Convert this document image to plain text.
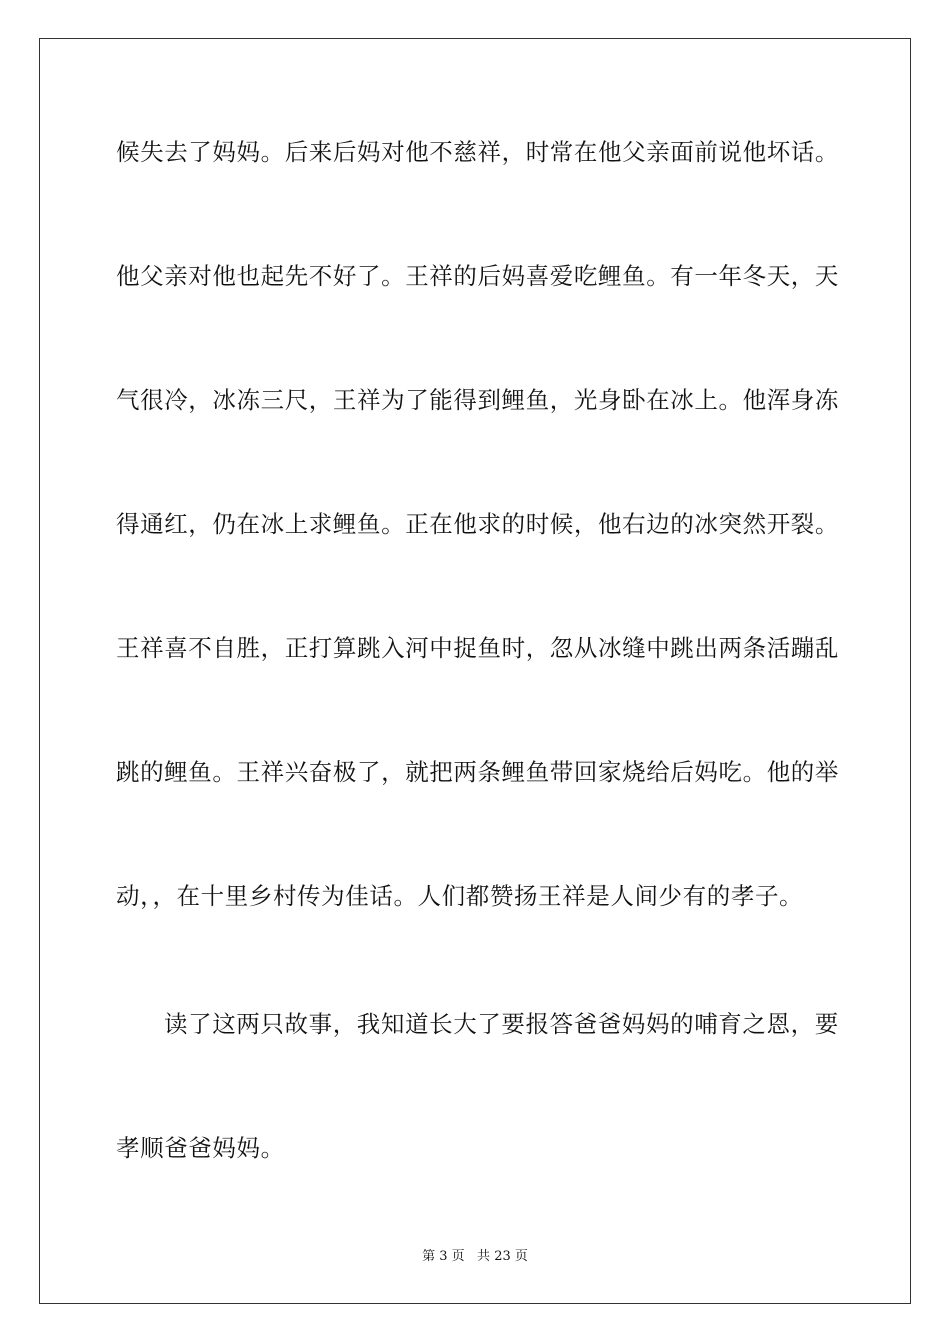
候失去了妈妈。后来后妈对他不慈祥，时常在他父亲面前说他坏话。
他父亲对他也起先不好了。王祥的后妈喜爱吃鲤鱼。有一年冬天，天
气很冷，冰冻三尺，王祥为了能得到鲤鱼，光身卧在冰上。他浑身冻
得通红，仍在冰上求鲤鱼。正在他求的时候，他右边的冰突然开裂。
王祥喜不自胜，正打算跳入河中捉鱼时，忽从冰缝中跳出两条活蹦乱
跳的鲤鱼。王祥兴奋极了，就把两条鲤鱼带回家烧给后妈吃。他的举
动，，在十里乡村传为佳话。人们都赞扬王祥是人间少有的孝子。
读了这两只故事，我知道长大了要报答爸爸妈妈的哺育之恩，要
孝顺爸爸妈妈。
第 3 页   共 23 页
